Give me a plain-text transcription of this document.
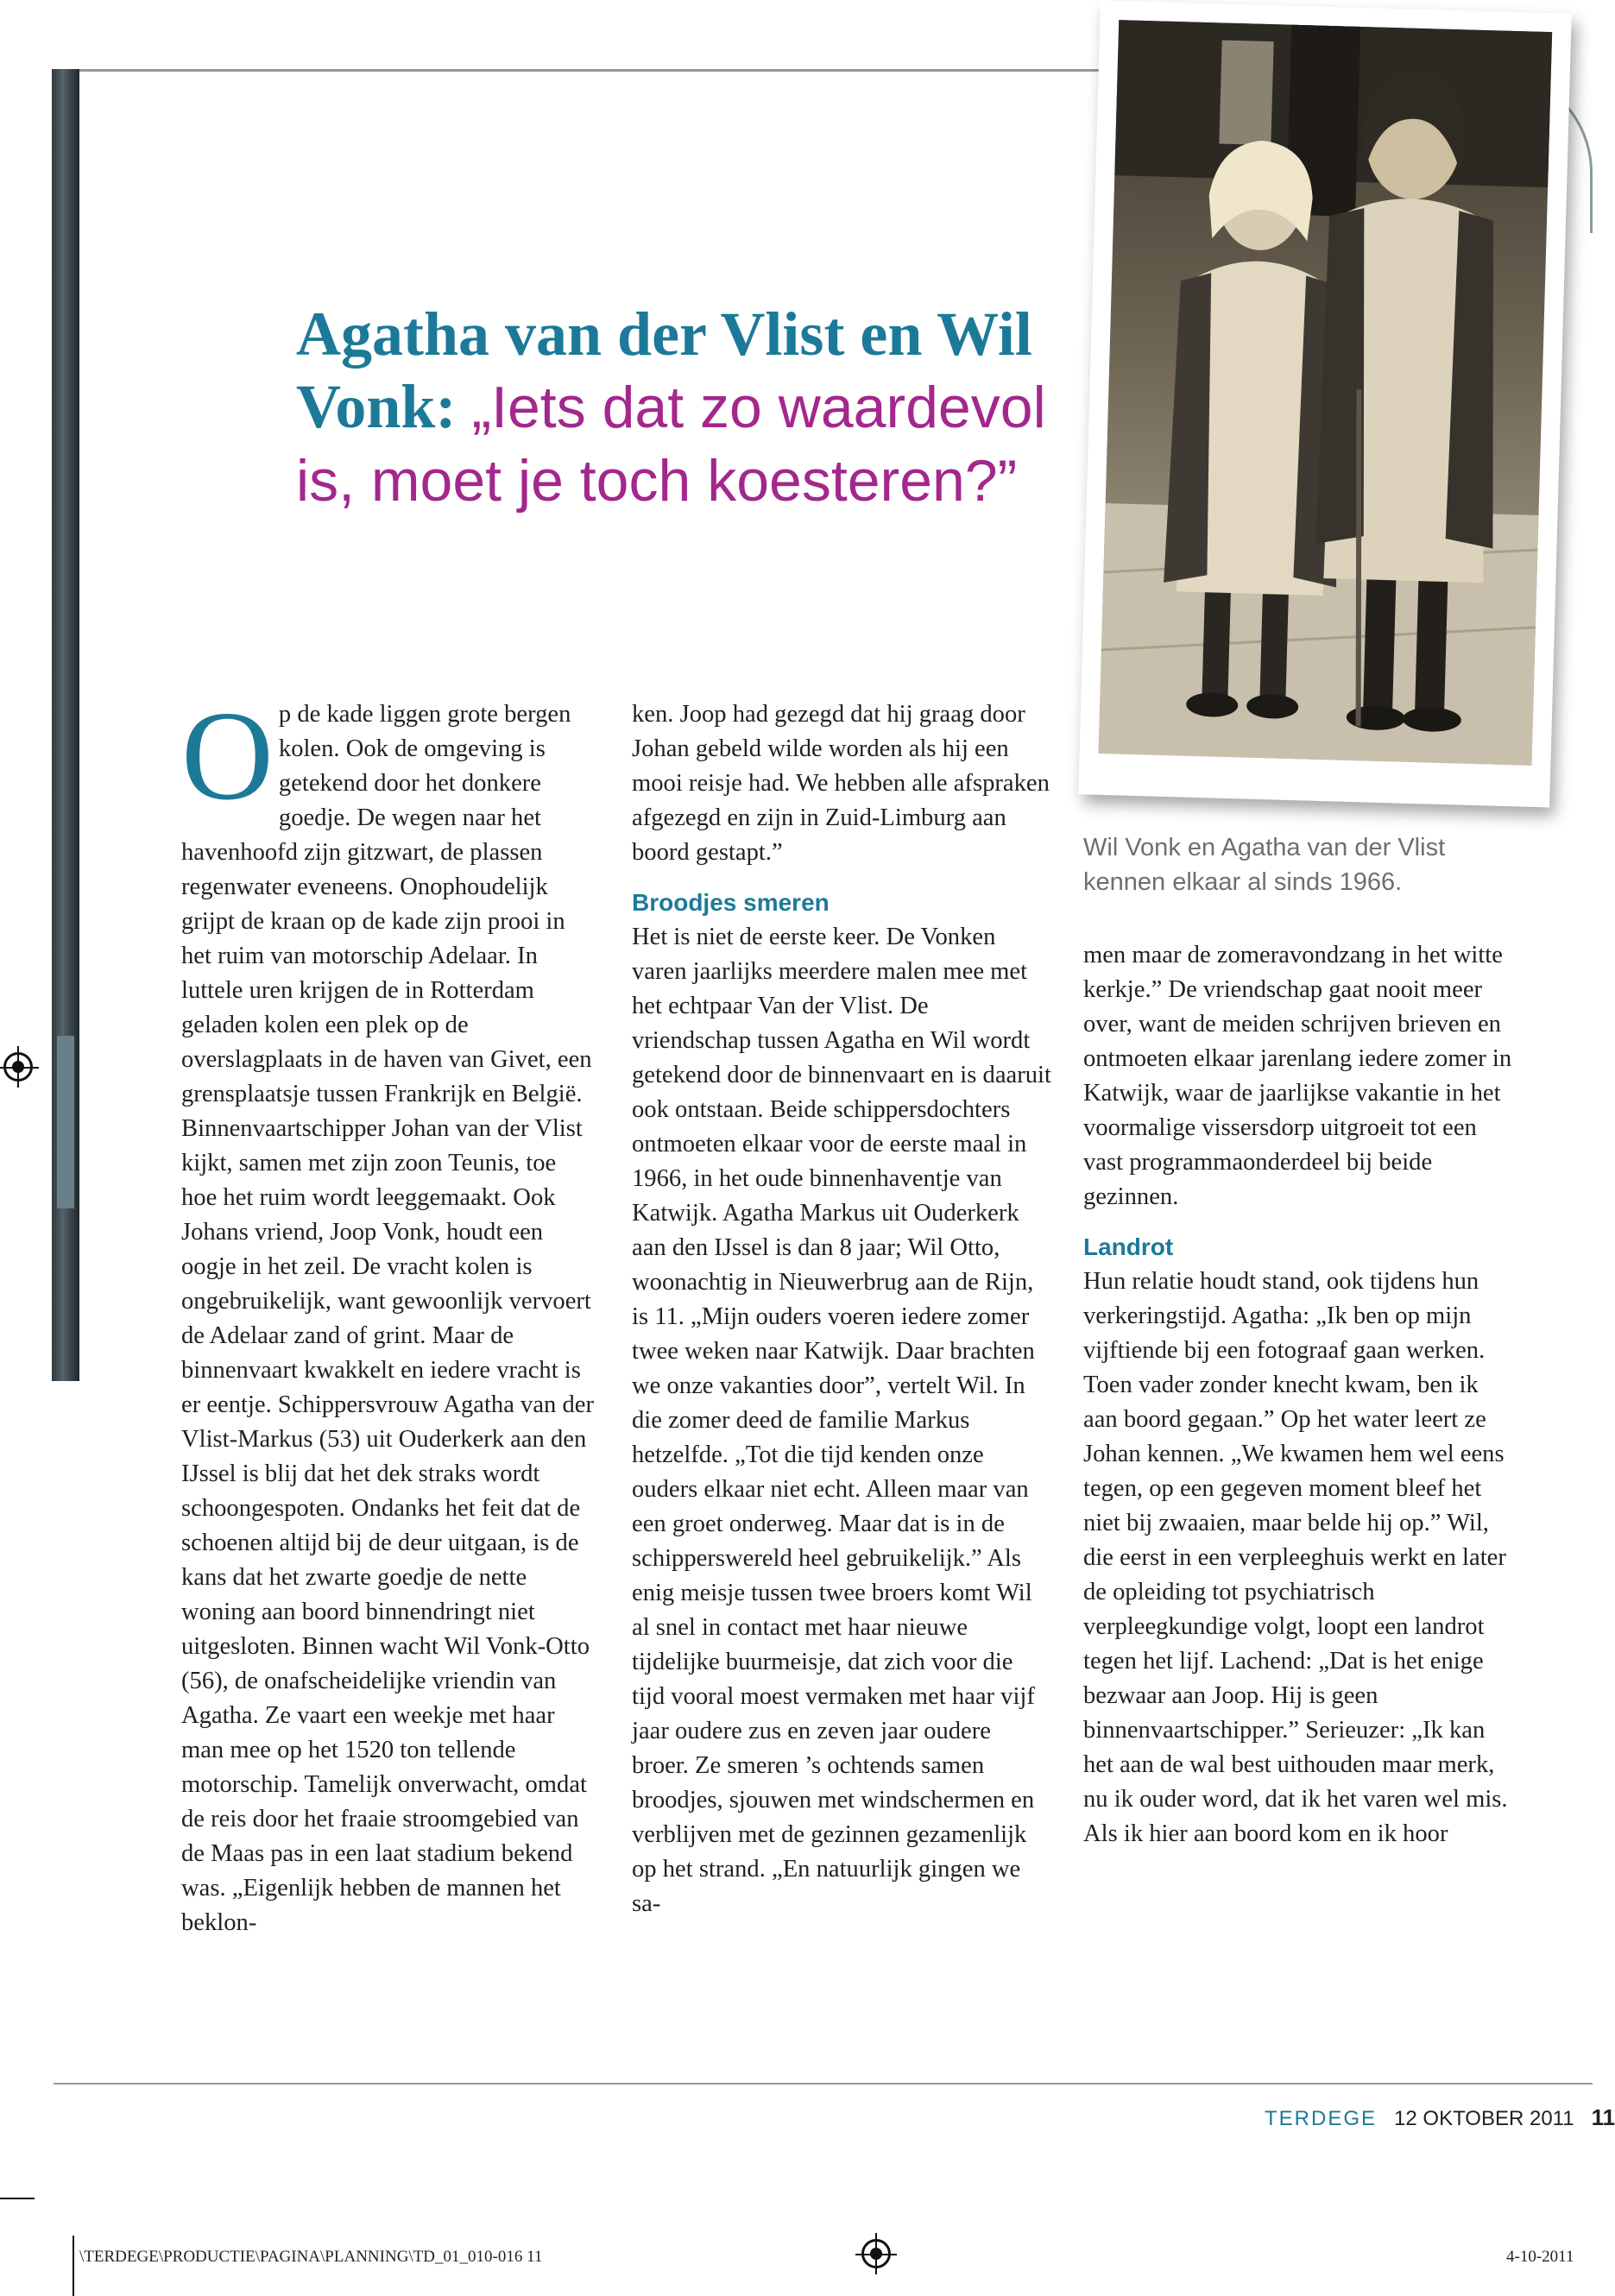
Agatha van der Vlist en Wil Vonk: „Iets dat zo waardevol is, moet je toch koesteren?”
Wil Vonk en Agatha van der Vlist kennen elkaar al sinds 1966.
O p de kade liggen grote bergen kolen. Ook de omgeving is getekend door het donkere goedje. De wegen naar het havenhoofd zijn gitzwart, de plassen regenwater eveneens. Onophoudelijk grijpt de kraan op de kade zijn prooi in het ruim van motorschip Adelaar. In luttele uren krijgen de in Rotterdam geladen kolen een plek op de overslagplaats in de haven van Givet, een grensplaatsje tussen Frankrijk en België. Binnenvaartschipper Johan van der Vlist kijkt, samen met zijn zoon Teunis, toe hoe het ruim wordt leeggemaakt. Ook Johans vriend, Joop Vonk, houdt een oogje in het zeil. De vracht kolen is ongebruikelijk, want gewoonlijk vervoert de Adelaar zand of grint. Maar de binnenvaart kwakkelt en iedere vracht is er eentje. Schippersvrouw Agatha van der Vlist-Markus (53) uit Ouderkerk aan den IJssel is blij dat het dek straks wordt schoongespoten. Ondanks het feit dat de schoenen altijd bij de deur uitgaan, is de kans dat het zwarte goedje de nette woning aan boord binnendringt niet uitgesloten. Binnen wacht Wil Vonk-Otto (56), de onafscheidelijke vriendin van Agatha. Ze vaart een weekje met haar man mee op het 1520 ton tellende motorschip. Tamelijk onverwacht, omdat de reis door het fraaie stroomgebied van de Maas pas in een laat stadium bekend was. „Eigenlijk hebben de mannen het beklon-

ken. Joop had gezegd dat hij graag door Johan gebeld wilde worden als hij een mooi reisje had. We hebben alle afspraken afgezegd en zijn in Zuid-Limburg aan boord gestapt.”

Broodjes smeren

Het is niet de eerste keer. De Vonken varen jaarlijks meerdere malen mee met het echtpaar Van der Vlist. De vriendschap tussen Agatha en Wil wordt getekend door de binnenvaart en is daaruit ook ontstaan. Beide schippersdochters ontmoeten elkaar voor de eerste maal in 1966, in het oude binnenhaventje van Katwijk. Agatha Markus uit Ouderkerk aan den IJssel is dan 8 jaar; Wil Otto, woonachtig in Nieuwerbrug aan de Rijn, is 11. „Mijn ouders voeren iedere zomer twee weken naar Katwijk. Daar brachten we onze vakanties door”, vertelt Wil. In die zomer deed de familie Markus hetzelfde. „Tot die tijd kenden onze ouders elkaar niet echt. Alleen maar van een groet onderweg. Maar dat is in de schipperswereld heel gebruikelijk.” Als enig meisje tussen twee broers komt Wil al snel in contact met haar nieuwe tijdelijke buurmeisje, dat zich voor die tijd vooral moest vermaken met haar vijf jaar oudere zus en zeven jaar oudere broer. Ze smeren ’s ochtends samen broodjes, sjouwen met windschermen en verblijven met de gezinnen gezamenlijk op het strand. „En natuurlijk gingen we sa-

men maar de zomeravondzang in het witte kerkje.” De vriendschap gaat nooit meer over, want de meiden schrijven brieven en ontmoeten elkaar jarenlang iedere zomer in Katwijk, waar de jaarlijkse vakantie in het voormalige vissersdorp uitgroeit tot een vast programmaonderdeel bij beide gezinnen.

Landrot

Hun relatie houdt stand, ook tijdens hun verkeringstijd. Agatha: „Ik ben op mijn vijftiende bij een fotograaf gaan werken. Toen vader zonder knecht kwam, ben ik aan boord gegaan.” Op het water leert ze Johan kennen. „We kwamen hem wel eens tegen, op een gegeven moment bleef het niet bij zwaaien, maar belde hij op.” Wil, die eerst in een verpleeghuis werkt en later de opleiding tot psychiatrisch verpleegkundige volgt, loopt een landrot tegen het lijf. Lachend: „Dat is het enige bezwaar aan Joop. Hij is geen binnenvaartschipper.” Serieuzer: „Ik kan het aan de wal best uithouden maar merk, nu ik ouder word, dat ik het varen wel mis. Als ik hier aan boord kom en ik hoor

TERDEGE 12 OKTOBER 2011 11
\TERDEGE\PRODUCTIE\PAGINA\PLANNING\TD_01_010-016 11	4-10-2011
